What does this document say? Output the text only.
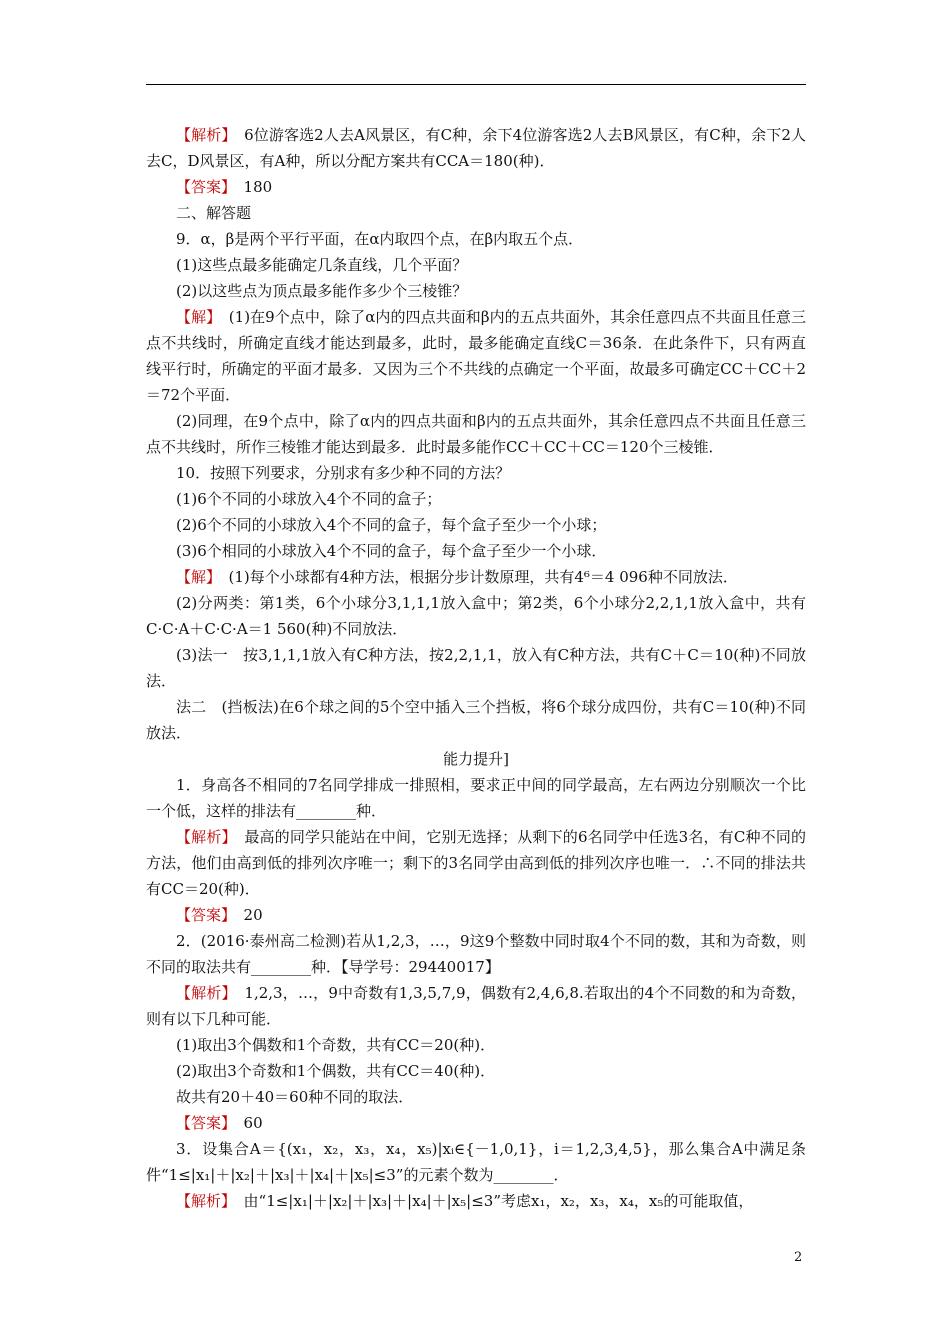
【解析】　 6位游客选2人去A风景区，有C种，余下4位游客选2人去B风景区，有C种，余下2人去C，D风景区，有A种，所以分配方案共有CCA＝180(种)．

【答案】　 180

二、解答题

9．α，β是两个平行平面，在α内取四个点，在β内取五个点．

(1)这些点最多能确定几条直线，几个平面？

(2)以这些点为顶点最多能作多少个三棱锥？

【解】　 (1)在9个点中，除了α内的四点共面和β内的五点共面外，其余任意四点不共面且任意三点不共线时，所确定直线才能达到最多，此时，最多能确定直线C＝36条．在此条件下，只有两直线平行时，所确定的平面才最多．又因为三个不共线的点确定一个平面，故最多可确定CC＋CC＋2＝72个平面．

(2)同理，在9个点中，除了α内的四点共面和β内的五点共面外，其余任意四点不共面且任意三点不共线时，所作三棱锥才能达到最多．此时最多能作CC＋CC＋CC＝120个三棱锥．

10．按照下列要求，分别求有多少种不同的方法？

(1)6个不同的小球放入4个不同的盒子；

(2)6个不同的小球放入4个不同的盒子，每个盒子至少一个小球；

(3)6个相同的小球放入4个不同的盒子，每个盒子至少一个小球．

【解】　 (1)每个小球都有4种方法，根据分步计数原理，共有4⁶＝4 096种不同放法．

(2)分两类：第1类，6个小球分3,1,1,1放入盒中；第2类，6个小球分2,2,1,1放入盒中，共有C·C·A＋C·C·A＝1 560(种)不同放法．

(3)法一　按3,1,1,1放入有C种方法，按2,2,1,1，放入有C种方法，共有C＋C＝10(种)不同放法．

法二　(挡板法)在6个球之间的5个空中插入三个挡板，将6个球分成四份，共有C＝10(种)不同放法．

能力提升]

1．身高各不相同的7名同学排成一排照相，要求正中间的同学最高，左右两边分别顺次一个比一个低，这样的排法有________种．

【解析】　 最高的同学只能站在中间，它别无选择；从剩下的6名同学中任选3名，有C种不同的方法，他们由高到低的排列次序唯一；剩下的3名同学由高到低的排列次序也唯一．∴不同的排法共有CC＝20(种)．

【答案】　 20

2．(2016·泰州高二检测)若从1,2,3，…，9这9个整数中同时取4个不同的数，其和为奇数，则不同的取法共有________种．【导学号：29440017】

【解析】　 1,2,3，…，9中奇数有1,3,5,7,9，偶数有2,4,6,8.若取出的4个不同数的和为奇数，则有以下几种可能．

(1)取出3个偶数和1个奇数，共有CC＝20(种)．

(2)取出3个奇数和1个偶数，共有CC＝40(种)．

故共有20＋40＝60种不同的取法．

【答案】　 60

3．设集合A＝{(x₁，x₂，x₃，x₄，x₅)|xᵢ∈{－1,0,1}，i＝1,2,3,4,5}，那么集合A中满足条件“1≤|x₁|＋|x₂|＋|x₃|＋|x₄|＋|x₅|≤3”的元素个数为________．

【解析】　 由“1≤|x₁|＋|x₂|＋|x₃|＋|x₄|＋|x₅|≤3”考虑x₁，x₂，x₃，x₄，x₅的可能取值，

2
